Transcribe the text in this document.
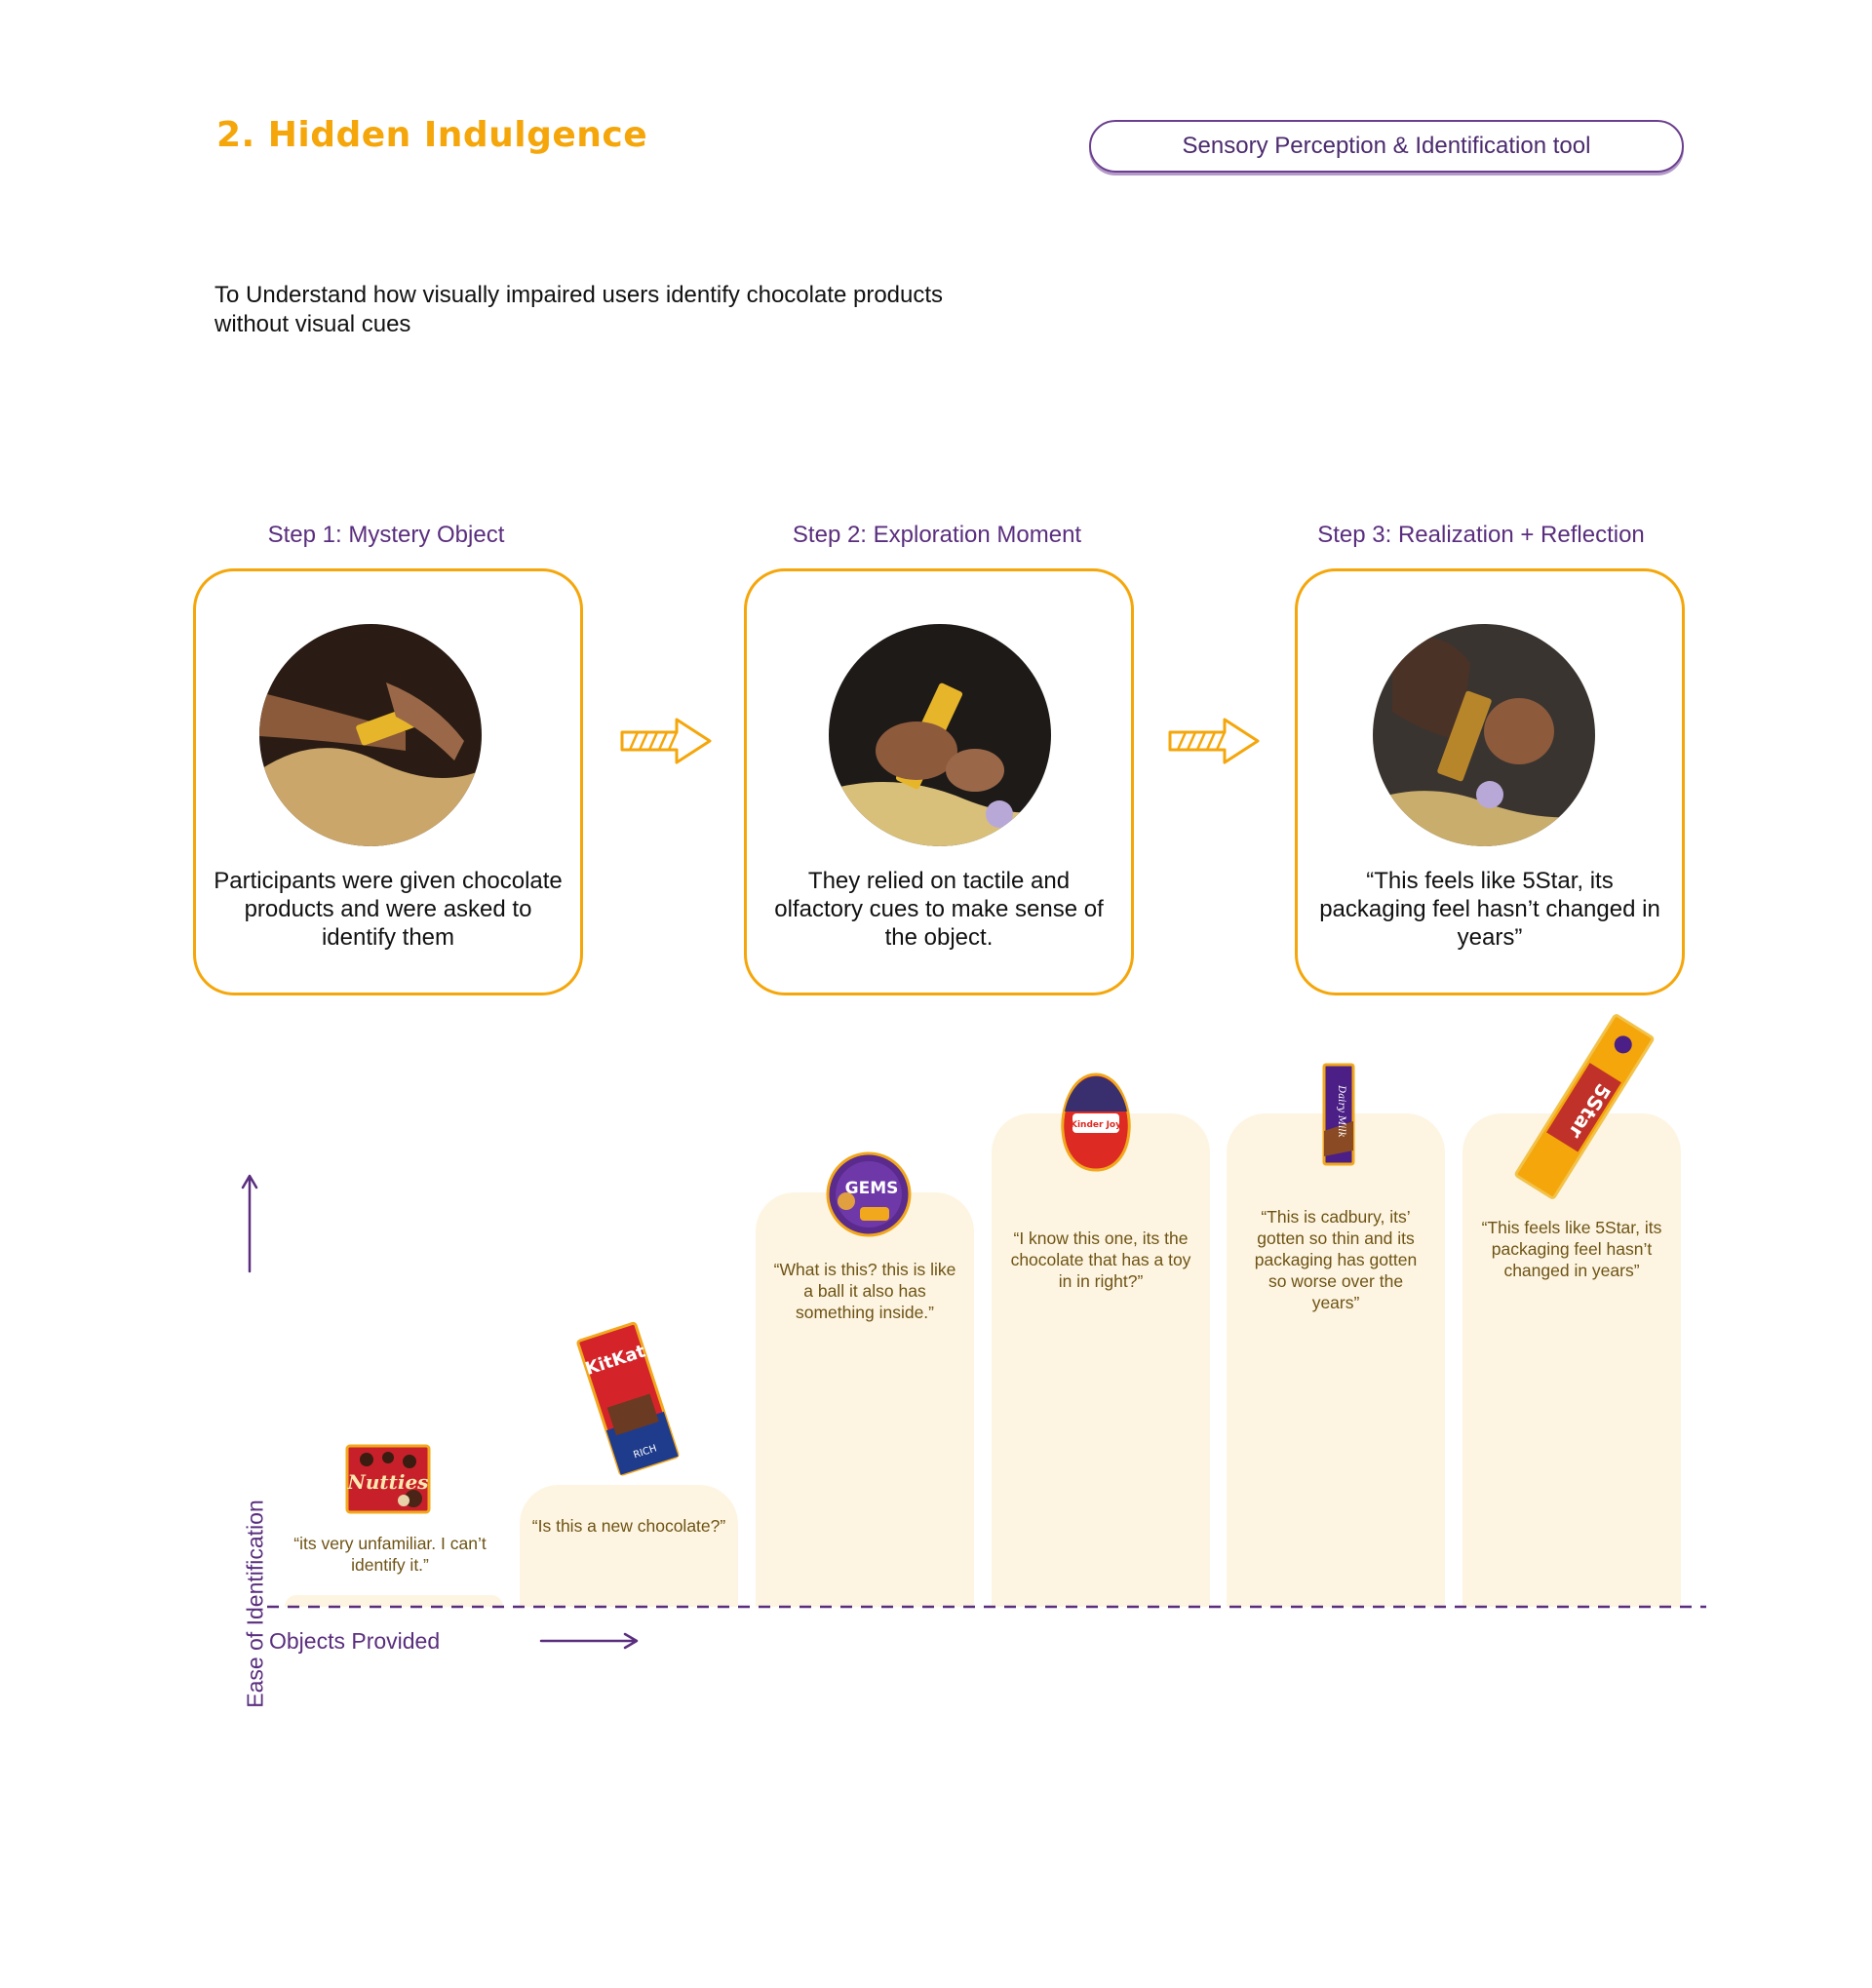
2. Hidden Indulgence	Sensory Perception & Identification tool
To Understand how visually impaired users identify chocolate products without visual cues
Step 1: Mystery Object	Step 2: Exploration Moment	Step 3: Realization + Reflection
Participants were given chocolate products and were asked to identify them
They relied on tactile and olfactory cues to make sense of the object.
“This feels like 5Star, its packaging feel hasn’t changed in years”
“its very unfamiliar. I can’t identify it.”
“Is this a new chocolate?”
“What is this? this is like a ball it also has something inside.”
“I know this one, its the chocolate that has a toy in in right?”
“This is cadbury, its’ gotten so thin and its packaging has gotten so worse over the years”
“This feels like 5Star, its packaging feel hasn’t changed in years”
Nutties
KitKat
RICH
GEMS
Kinder Joy	Dairy Milk	5Star
Ease of Identification Objects Provided
